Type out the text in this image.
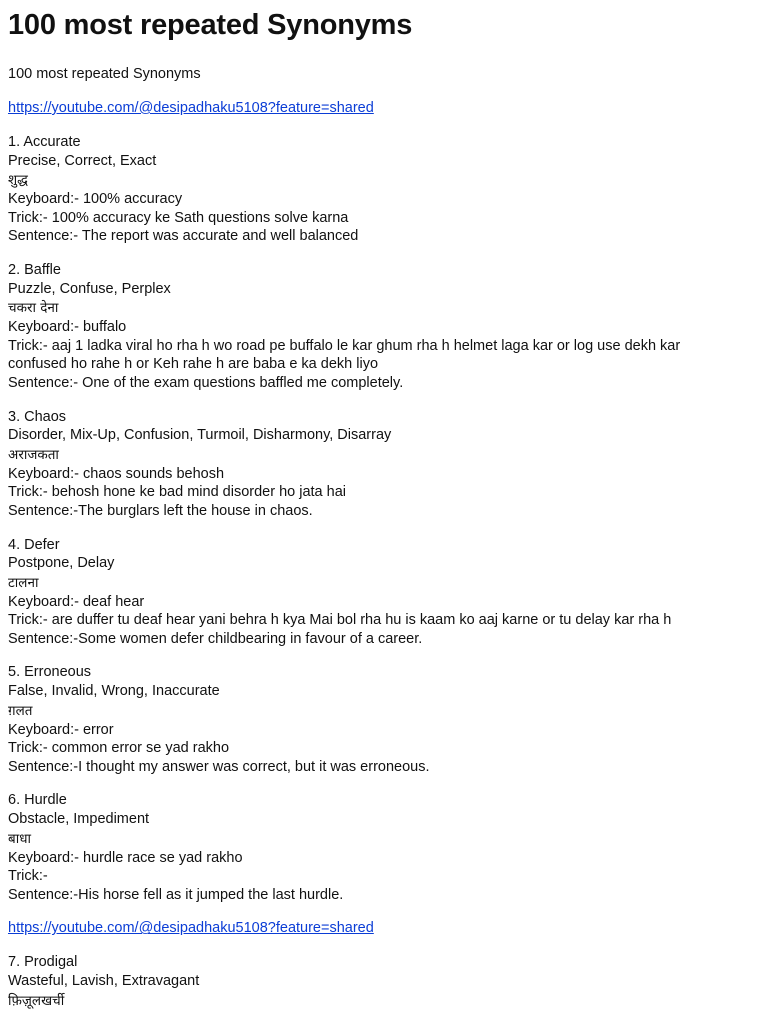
100 most repeated Synonyms

100 most repeated Synonyms

https://youtube.com/@desipadhaku5108?feature=shared

1. Accurate

Precise, Correct, Exact

शुद्ध

Keyboard:- 100% accuracy

Trick:- 100% accuracy ke Sath questions solve karna

Sentence:- The report was accurate and well balanced

2. Baffle

Puzzle, Confuse, Perplex

चकरा देना

Keyboard:- buffalo

Trick:- aaj 1 ladka viral ho rha h wo road pe buffalo le kar ghum rha h helmet laga kar or log use dekh kar confused ho rahe h or Keh rahe h are baba e ka dekh liyo

Sentence:- One of the exam questions baffled me completely.

3. Chaos

Disorder, Mix-Up, Confusion, Turmoil, Disharmony, Disarray

अराजकता

Keyboard:- chaos sounds behosh

Trick:- behosh hone ke bad mind disorder ho jata hai

Sentence:-The burglars left the house in chaos.

4. Defer

Postpone, Delay

टालना

Keyboard:- deaf hear

Trick:- are duffer tu deaf hear yani behra h kya Mai bol rha hu is kaam ko aaj karne or tu delay kar rha h

Sentence:-Some women defer childbearing in favour of a career.

5. Erroneous

False, Invalid, Wrong, Inaccurate

ग़लत

Keyboard:- error

Trick:- common error se yad rakho

Sentence:-I thought my answer was correct, but it was erroneous.

6. Hurdle

Obstacle, Impediment

बाधा

Keyboard:- hurdle race se yad rakho

Trick:-

Sentence:-His horse fell as it jumped the last hurdle.

https://youtube.com/@desipadhaku5108?feature=shared

7. Prodigal

Wasteful, Lavish, Extravagant

फ़िज़ूलखर्ची
